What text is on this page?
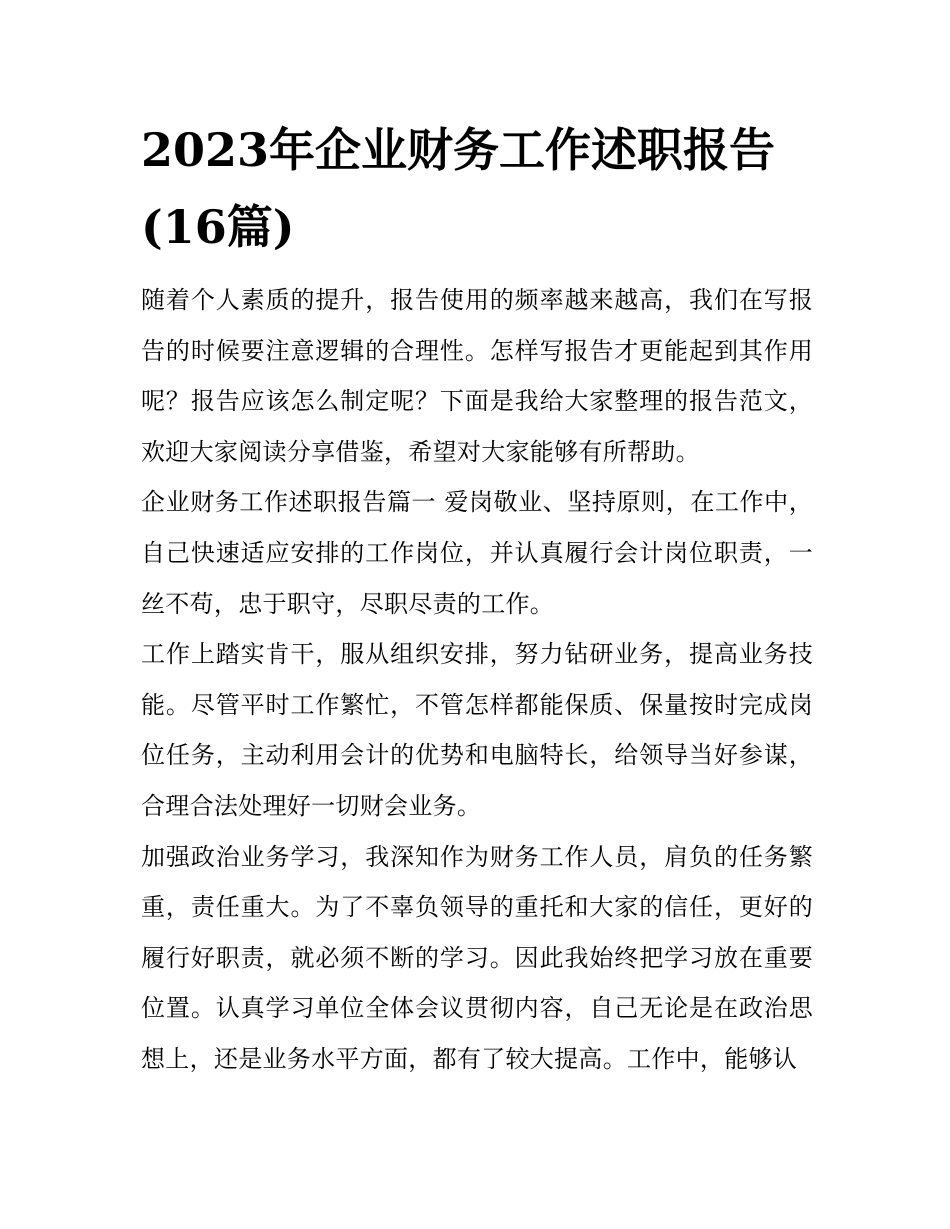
2023年企业财务工作述职报告(16篇)

随着个人素质的提升，报告使用的频率越来越高，我们在写报告的时候要注意逻辑的合理性。怎样写报告才更能起到其作用呢？报告应该怎么制定呢？下面是我给大家整理的报告范文，欢迎大家阅读分享借鉴，希望对大家能够有所帮助。

企业财务工作述职报告篇一 爱岗敬业、坚持原则，在工作中，自己快速适应安排的工作岗位，并认真履行会计岗位职责，一丝不苟，忠于职守，尽职尽责的工作。

工作上踏实肯干，服从组织安排，努力钻研业务，提高业务技能。尽管平时工作繁忙，不管怎样都能保质、保量按时完成岗位任务，主动利用会计的优势和电脑特长，给领导当好参谋，合理合法处理好一切财会业务。

加强政治业务学习，我深知作为财务工作人员，肩负的任务繁重，责任重大。为了不辜负领导的重托和大家的信任，更好的履行好职责，就必须不断的学习。因此我始终把学习放在重要位置。认真学习单位全体会议贯彻内容，自己无论是在政治思想上，还是业务水平方面，都有了较大提高。工作中，能够认
